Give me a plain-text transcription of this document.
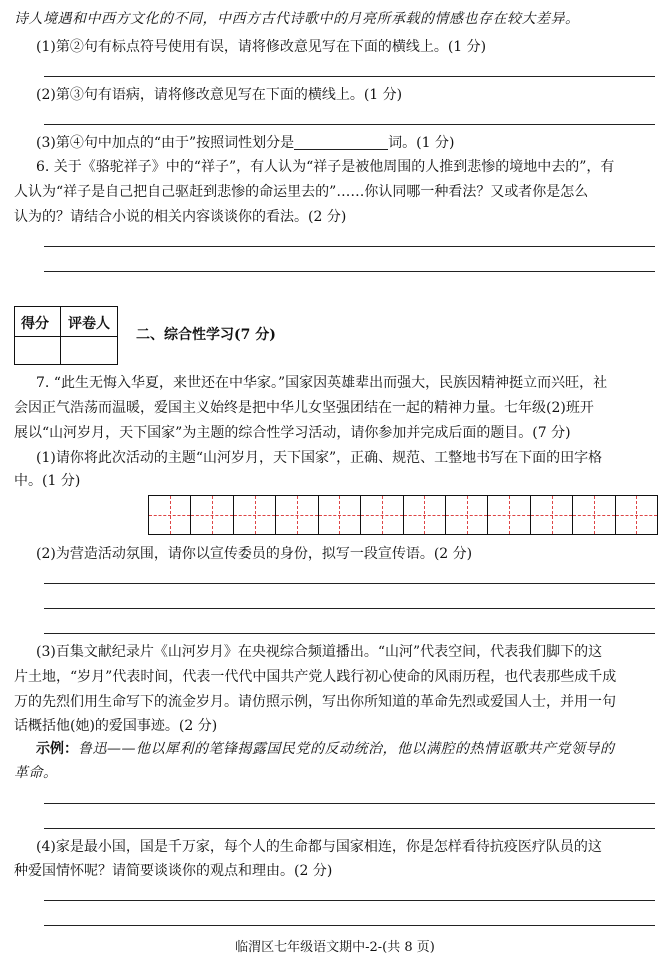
诗人境遇和中西方文化的不同，中西方古代诗歌中的月亮所承载的情感也存在较大差异。
(1)第②句有标点符号使用有误，请将修改意见写在下面的横线上。(1 分)
(2)第③句有语病，请将修改意见写在下面的横线上。(1 分)
(3)第④句中加点的“由于”按照词性划分是	词。(1 分)
6. 关于《骆驼祥子》中的“祥子”，有人认为“祥子是被他周围的人推到悲惨的境地中去的”，有
人认为“祥子是自己把自己驱赶到悲惨的命运里去的”……你认同哪一种看法？又或者你是怎么
认为的？请结合小说的相关内容谈谈你的看法。(2 分)
得分 评卷人
二、综合性学习(7 分)
7. “此生无悔入华夏，来世还在中华家。”国家因英雄辈出而强大，民族因精神挺立而兴旺，社
会因正气浩荡而温暖，爱国主义始终是把中华儿女坚强团结在一起的精神力量。七年级(2)班开
展以“山河岁月，天下国家”为主题的综合性学习活动，请你参加并完成后面的题目。(7 分)
(1)请你将此次活动的主题“山河岁月，天下国家”，正确、规范、工整地书写在下面的田字格
中。(1 分)
(2)为营造活动氛围，请你以宣传委员的身份，拟写一段宣传语。(2 分)
(3)百集文献纪录片《山河岁月》在央视综合频道播出。“山河”代表空间，代表我们脚下的这
片土地，“岁月”代表时间，代表一代代中国共产党人践行初心使命的风雨历程，也代表那些成千成
万的先烈们用生命写下的流金岁月。请仿照示例，写出你所知道的革命先烈或爱国人士，并用一句
话概括他(她)的爱国事迹。(2 分)
示例：鲁迅——他以犀利的笔锋揭露国民党的反动统治，他以满腔的热情讴歌共产党领导的
革命。
(4)家是最小国，国是千万家，每个人的生命都与国家相连，你是怎样看待抗疫医疗队员的这
种爱国情怀呢？请简要谈谈你的观点和理由。(2 分)
临渭区七年级语文期中-2-(共 8 页)
